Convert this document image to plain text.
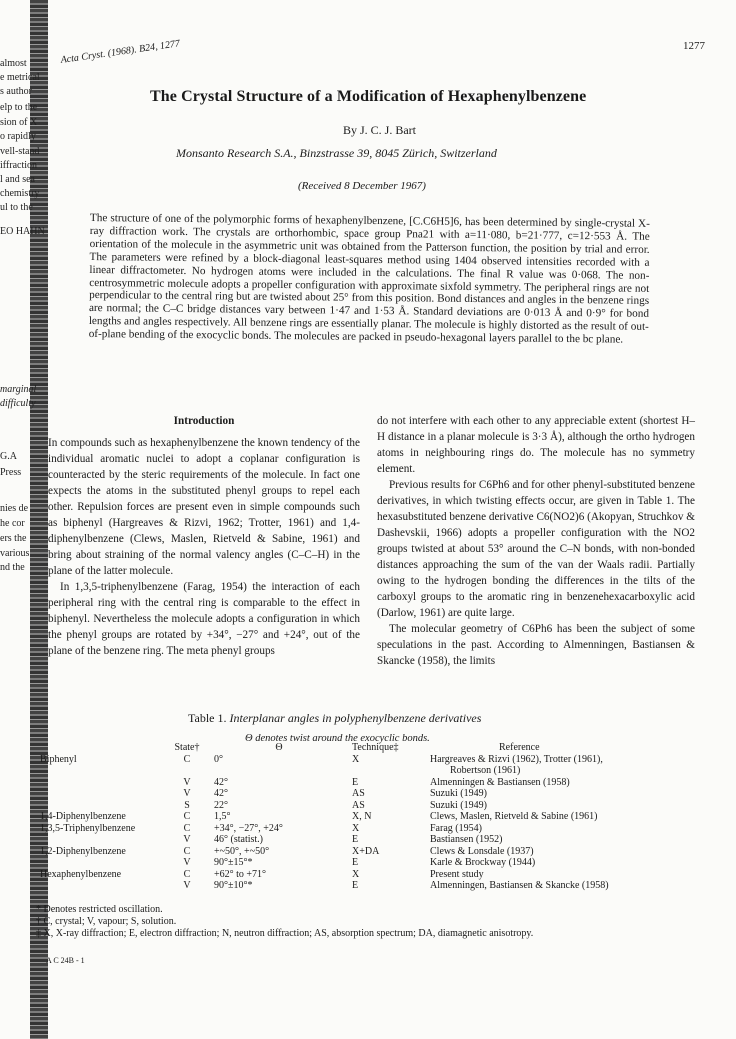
almost
e metrical
s author
elp to the
sion of X
o rapidly
vell-stand
iffraction
l and sea
chemistry
ul to the
EO HAHN
marginal
difficulty
G.A
Press
nies de
he cor
ers the
various
nd the
1277
Acta Cryst. (1968). B24, 1277
The Crystal Structure of a Modification of Hexaphenylbenzene
By J. C. J. Bart
Monsanto Research S.A., Binzstrasse 39, 8045 Zürich, Switzerland
(Received 8 December 1967)
The structure of one of the polymorphic forms of hexaphenylbenzene, [C.C6H5]6, has been determined by single-crystal X-ray diffraction work. The crystals are orthorhombic, space group Pna21 with a=11·080, b=21·777, c=12·553 Å. The orientation of the molecule in the asymmetric unit was obtained from the Patterson function, the position by trial and error. The parameters were refined by a block-diagonal least-squares method using 1404 observed intensities recorded with a linear diffractometer. No hydrogen atoms were included in the calculations. The final R value was 0·068. The non-centrosymmetric molecule adopts a propeller configuration with approximate sixfold symmetry. The peripheral rings are not perpendicular to the central ring but are twisted about 25° from this position. Bond distances and angles in the benzene rings are normal; the C–C bridge distances vary between 1·47 and 1·53 Å. Standard deviations are 0·013 Å and 0·9° for bond lengths and angles respectively. All benzene rings are essentially planar. The molecule is highly distorted as the result of out-of-plane bending of the exocyclic bonds. The molecules are packed in pseudo-hexagonal layers parallel to the bc plane.

Introduction

In compounds such as hexaphenylbenzene the known tendency of the individual aromatic nuclei to adopt a coplanar configuration is counteracted by the steric requirements of the molecule. In fact one expects the atoms in the substituted phenyl groups to repel each other. Repulsion forces are present even in simple compounds such as biphenyl (Hargreaves & Rizvi, 1962; Trotter, 1961) and 1,4-diphenylbenzene (Clews, Maslen, Rietveld & Sabine, 1961) and bring about straining of the normal valency angles (C–C–H) in the plane of the latter molecule.

In 1,3,5-triphenylbenzene (Farag, 1954) the interaction of each peripheral ring with the central ring is comparable to the effect in biphenyl. Nevertheless the molecule adopts a configuration in which the phenyl groups are rotated by +34°, −27° and +24°, out of the plane of the benzene ring. The meta phenyl groups

do not interfere with each other to any appreciable extent (shortest H–H distance in a planar molecule is 3·3 Å), although the ortho hydrogen atoms in neighbouring rings do. The molecule has no symmetry element.

Previous results for C6Ph6 and for other phenyl-substituted benzene derivatives, in which twisting effects occur, are given in Table 1. The hexasubstituted benzene derivative C6(NO2)6 (Akopyan, Struchkov & Dashevskii, 1966) adopts a propeller configuration with the NO2 groups twisted at about 53° around the C–N bonds, with non-bonded distances approaching the sum of the van der Waals radii. Partially owing to the hydrogen bonding the differences in the tilts of the carboxyl groups to the aromatic ring in benzenehexacarboxylic acid (Darlow, 1961) are quite large.

The molecular geometry of C6Ph6 has been the subject of some speculations in the past. According to Almenningen, Bastiansen & Skancke (1958), the limits

Table 1. Interplanar angles in polyphenylbenzene derivatives
Θ denotes twist around the exocyclic bonds.
	State†	Θ	Technique‡	Reference
Biphenyl	C	0°	X	Hargreaves & Rizvi (1962), Trotter (1961),
				Robertson (1961)
	V	42°	E	Almenningen & Bastiansen (1958)
	V	42°	AS	Suzuki (1949)
	S	22°	AS	Suzuki (1949)
1,4-Diphenylbenzene	C	1,5°	X, N	Clews, Maslen, Rietveld & Sabine (1961)
1,3,5-Triphenylbenzene	C	+34°, −27°, +24°	X	Farag (1954)
	V	46° (statist.)	E	Bastiansen (1952)
1,2-Diphenylbenzene	C	+~50°, +~50°	X+DA	Clews & Lonsdale (1937)
	V	90°±15°*	E	Karle & Brockway (1944)
Hexaphenylbenzene	C	+62° to +71°	X	Present study
	V	90°±10°*	E	Almenningen, Bastiansen & Skancke (1958)
* Denotes restricted oscillation.
† C, crystal; V, vapour; S, solution.
‡ X, X-ray diffraction; E, electron diffraction; N, neutron diffraction; AS, absorption spectrum; DA, diamagnetic anisotropy.
A C 24B - 1
